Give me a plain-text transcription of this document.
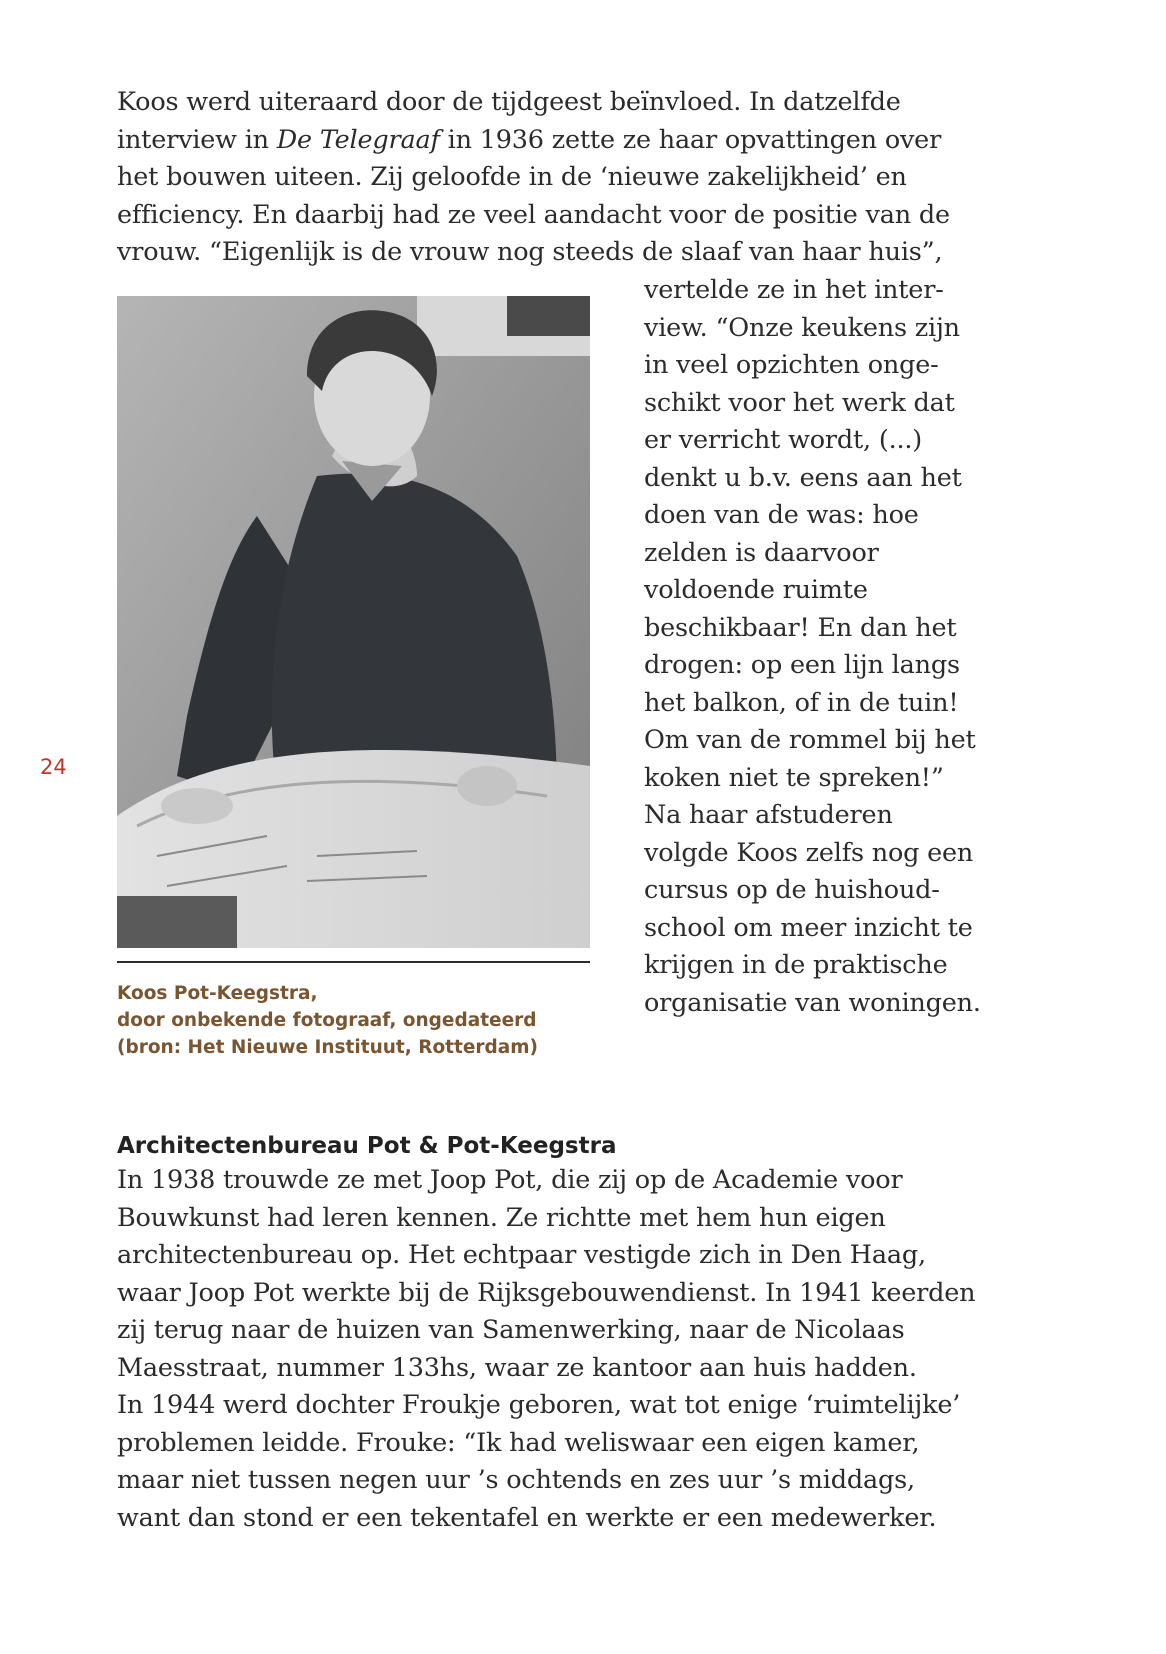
24
Koos werd uiteraard door de tijdgeest beïnvloed. In datzelfde
interview in De Telegraaf in 1936 zette ze haar opvattingen over
het bouwen uiteen. Zij geloofde in de ‘nieuwe zakelijkheid’ en
efficiency. En daarbij had ze veel aandacht voor de positie van de
vrouw. “Eigenlijk is de vrouw nog steeds de slaaf van haar huis”,
vertelde ze in het inter-
view. “Onze keukens zijn
in veel opzichten onge-
schikt voor het werk dat
er verricht wordt, (...)
denkt u b.v. eens aan het
doen van de was: hoe
zelden is daarvoor
voldoende ruimte
beschikbaar! En dan het
drogen: op een lijn langs
het balkon, of in de tuin!
Om van de rommel bij het
koken niet te spreken!”
Na haar afstuderen
volgde Koos zelfs nog een
cursus op de huishoud-
school om meer inzicht te
krijgen in de praktische
organisatie van woningen.
Koos Pot-Keegstra,
door onbekende fotograaf, ongedateerd
(bron: Het Nieuwe Instituut, Rotterdam)
Architectenbureau Pot & Pot-Keegstra
In 1938 trouwde ze met Joop Pot, die zij op de Academie voor
Bouwkunst had leren kennen. Ze richtte met hem hun eigen
architectenbureau op. Het echtpaar vestigde zich in Den Haag,
waar Joop Pot werkte bij de Rijksgebouwendienst. In 1941 keerden
zij terug naar de huizen van Samenwerking, naar de Nicolaas
Maesstraat, nummer 133hs, waar ze kantoor aan huis hadden.
In 1944 werd dochter Froukje geboren, wat tot enige ‘ruimtelijke’
problemen leidde. Frouke: “Ik had weliswaar een eigen kamer,
maar niet tussen negen uur ’s ochtends en zes uur ’s middags,
want dan stond er een tekentafel en werkte er een medewerker.
